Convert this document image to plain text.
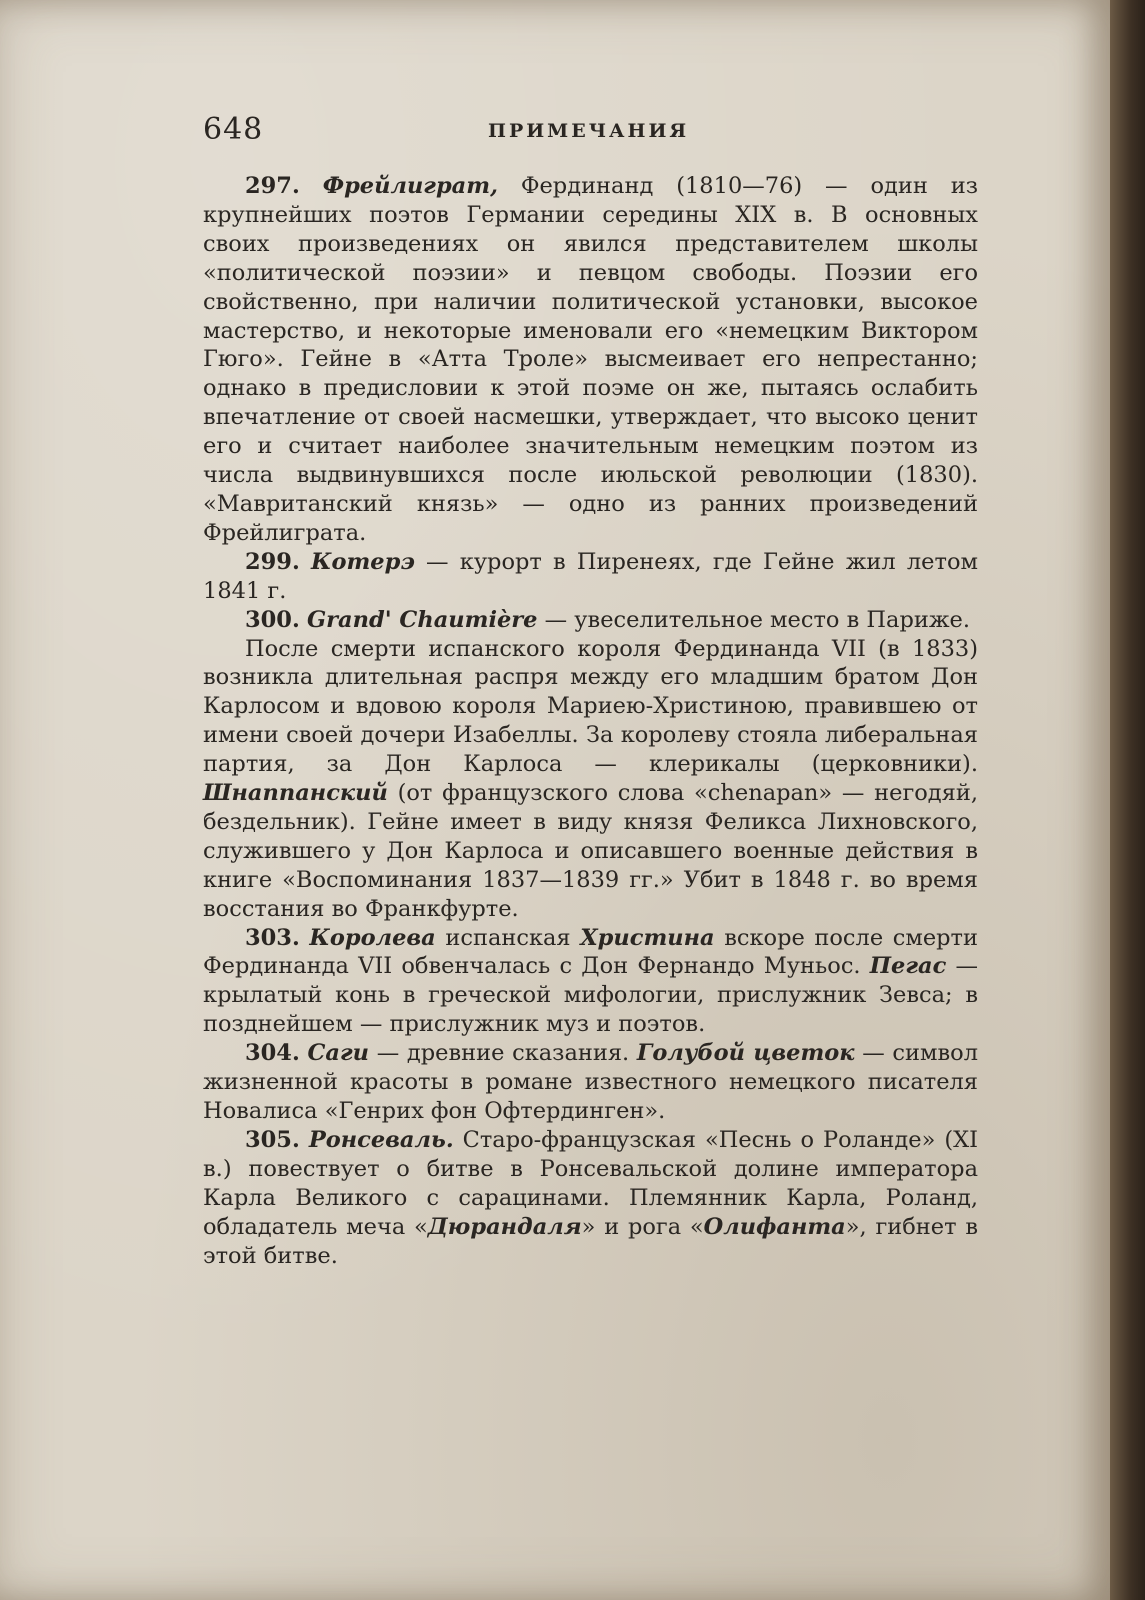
648	ПРИМЕЧАНИЯ

297. Фрейлиграт, Фердинанд (1810—76) — один из крупнейших поэтов Германии середины XIX в. В основных своих произведениях он явился представителем школы «политической поэзии» и певцом свободы. Поэзии его свойственно, при наличии политической установки, высокое мастерство, и некоторые именовали его «немецким Виктором Гюго». Гейне в «Атта Троле» высмеивает его непрестанно; однако в предисловии к этой поэме он же, пытаясь ослабить впечатление от своей насмешки, утверждает, что высоко ценит его и считает наиболее значительным немецким поэтом из числа выдвинувшихся после июльской революции (1830). «Мавританский князь» — одно из ранних произведений Фрейлиграта.

299. Котерэ — курорт в Пиренеях, где Гейне жил летом 1841 г.

300. Grand' Chaumière — увеселительное место в Париже.

После смерти испанского короля Фердинанда VII (в 1833) возникла длительная распря между его младшим братом Дон Карлосом и вдовою короля Мариею-Христиною, правившею от имени своей дочери Изабеллы. За королеву стояла либеральная партия, за Дон Карлоса — клерикалы (церковники). Шнаппанский (от французского слова «chenapan» — негодяй, бездельник). Гейне имеет в виду князя Феликса Лихновского, служившего у Дон Карлоса и описавшего военные действия в книге «Воспоминания 1837—1839 гг.» Убит в 1848 г. во время восстания во Франкфурте.

303. Королева испанская Христина вскоре после смерти Фердинанда VII обвенчалась с Дон Фернандо Муньос. Пегас — крылатый конь в греческой мифологии, прислужник Зевса; в позднейшем — прислужник муз и поэтов.

304. Саги — древние сказания. Голубой цветок — символ жизненной красоты в романе известного немецкого писателя Новалиса «Генрих фон Офтердинген».

305. Ронсеваль. Старо-французская «Песнь о Роланде» (XI в.) повествует о битве в Ронсевальской долине императора Карла Великого с сарацинами. Племянник Карла, Роланд, обладатель меча «Дюрандаля» и рога «Олифанта», гибнет в этой битве.
